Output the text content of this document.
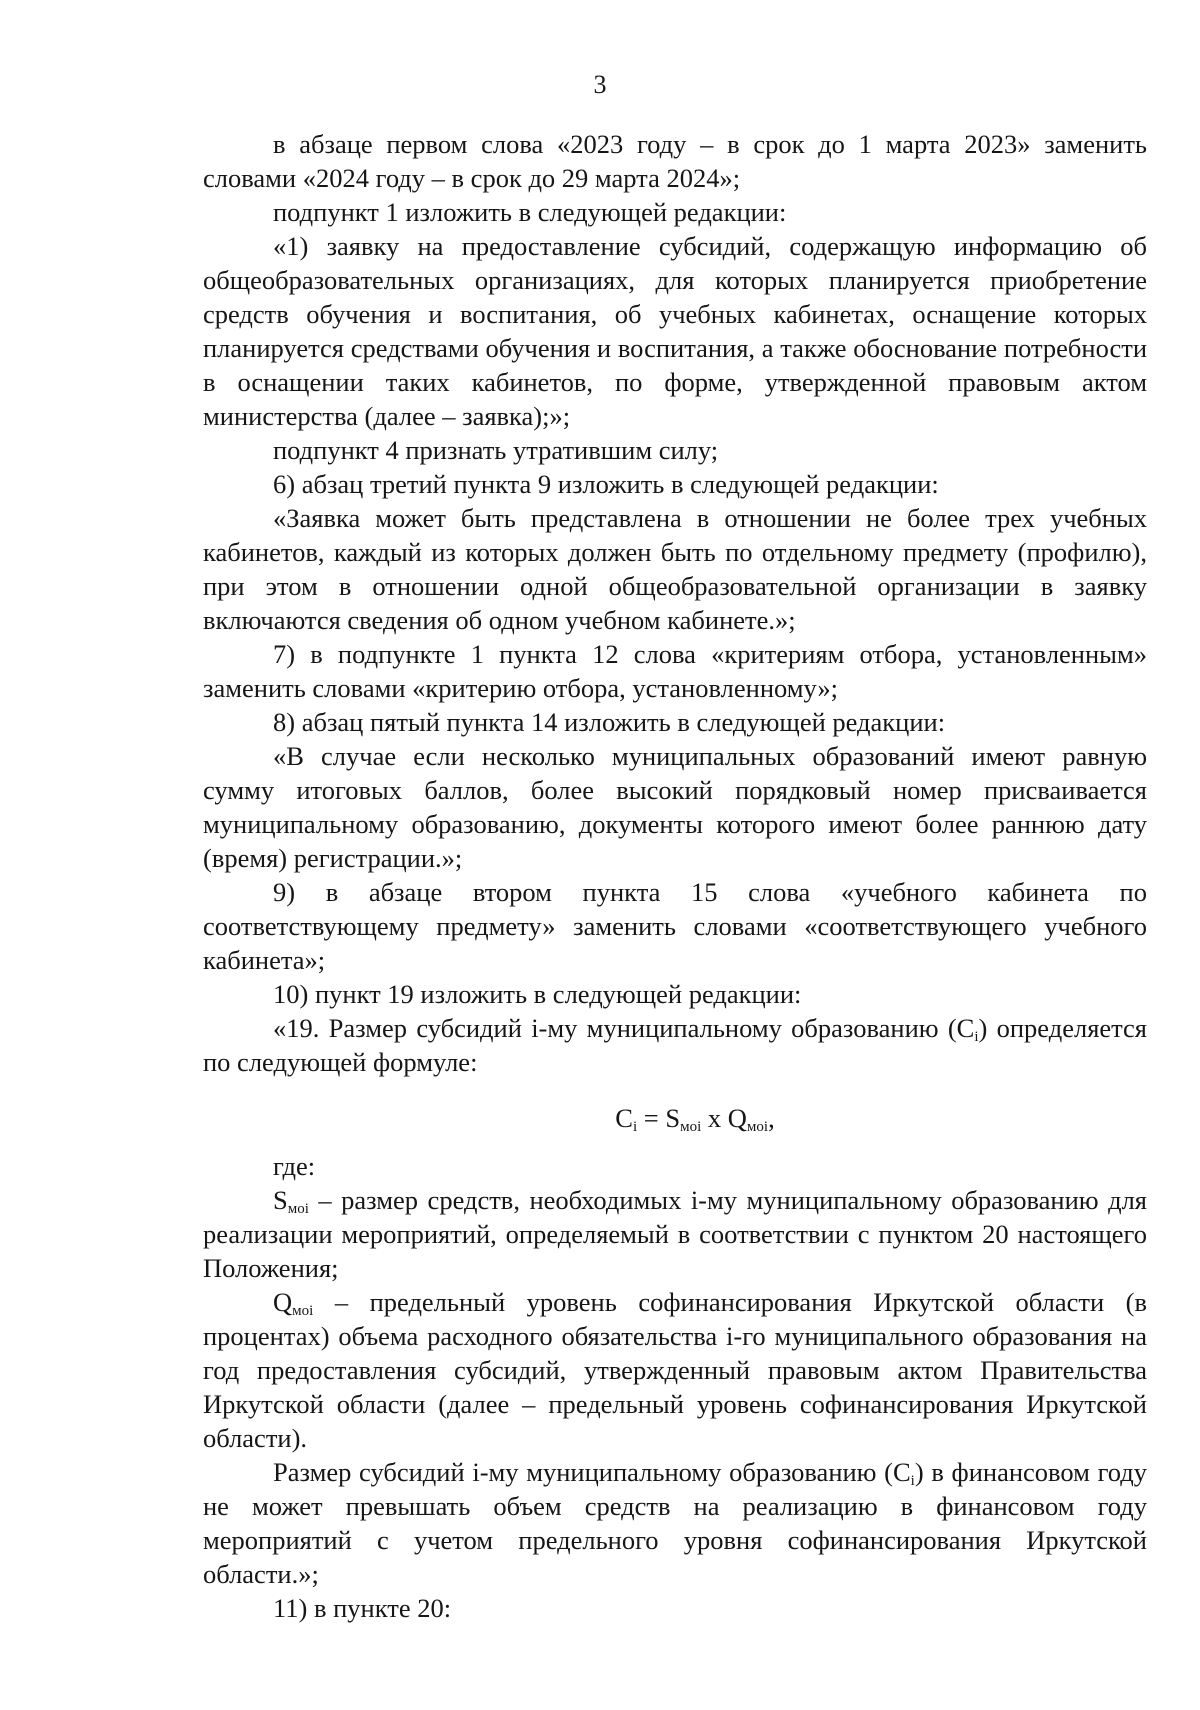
3

в абзаце первом слова «2023 году – в срок до 1 марта 2023» заменить словами «2024 году – в срок до 29 марта 2024»;

подпункт 1 изложить в следующей редакции:

«1) заявку на предоставление субсидий, содержащую информацию об общеобразовательных организациях, для которых планируется приобретение средств обучения и воспитания, об учебных кабинетах, оснащение которых планируется средствами обучения и воспитания, а также обоснование потребности в оснащении таких кабинетов, по форме, утвержденной правовым актом министерства (далее – заявка);»;

подпункт 4 признать утратившим силу;

6) абзац третий пункта 9 изложить в следующей редакции:

«Заявка может быть представлена в отношении не более трех учебных кабинетов, каждый из которых должен быть по отдельному предмету (профилю), при этом в отношении одной общеобразовательной организации в заявку включаются сведения об одном учебном кабинете.»;

7) в подпункте 1 пункта 12 слова «критериям отбора, установленным» заменить словами «критерию отбора, установленному»;

8) абзац пятый пункта 14 изложить в следующей редакции:

«В случае если несколько муниципальных образований имеют равную сумму итоговых баллов, более высокий порядковый номер присваивается муниципальному образованию, документы которого имеют более раннюю дату (время) регистрации.»;

9) в абзаце втором пункта 15 слова «учебного кабинета по соответствующему предмету» заменить словами «соответствующего учебного кабинета»;

10) пункт 19 изложить в следующей редакции:

«19. Размер субсидий i-му муниципальному образованию $(C_i)$ определяется по следующей формуле:

$C_i = S_{моi}$ x $Q_{моi}$,

где:

$S_{моi}$ – размер средств, необходимых i-му муниципальному образованию для реализации мероприятий, определяемый в соответствии с пунктом 20 настоящего Положения;

$Q_{моi}$ – предельный уровень софинансирования Иркутской области (в процентах) объема расходного обязательства i-го муниципального образования на год предоставления субсидий, утвержденный правовым актом Правительства Иркутской области (далее – предельный уровень софинансирования Иркутской области).

Размер субсидий i-му муниципальному образованию $(C_i)$ в финансовом году не может превышать объем средств на реализацию в финансовом году мероприятий с учетом предельного уровня софинансирования Иркутской области.»;

11) в пункте 20:
